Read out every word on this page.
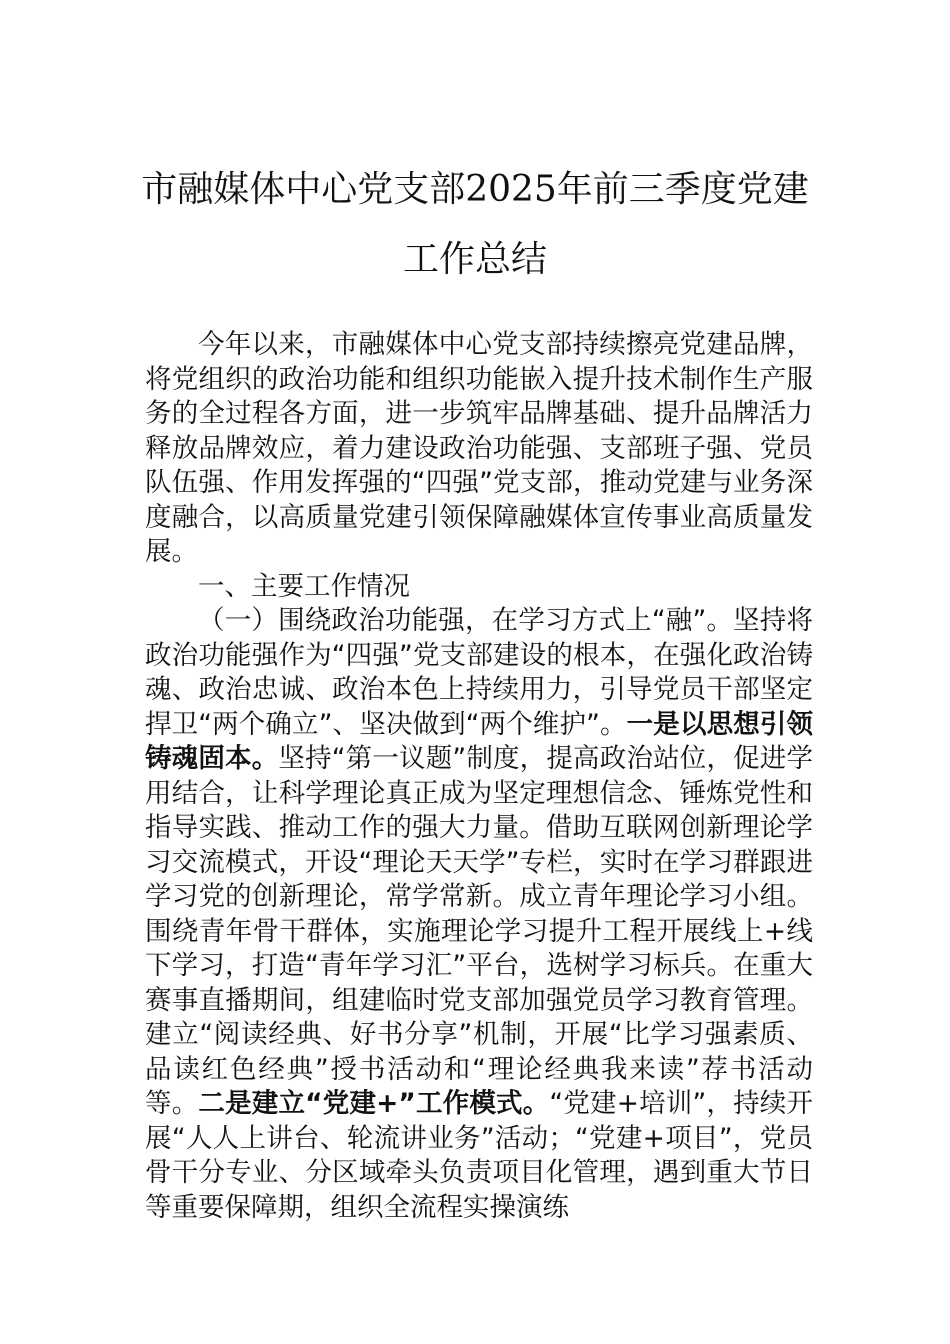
市融媒体中心党支部2025年前三季度党建
工作总结

今年以来，市融媒体中心党支部持续擦亮党建品牌，将党组织的政治功能和组织功能嵌入提升技术制作生产服务的全过程各方面，进一步筑牢品牌基础、提升品牌活力释放品牌效应，着力建设政治功能强、支部班子强、党员队伍强、作用发挥强的“四强”党支部，推动党建与业务深度融合，以高质量党建引领保障融媒体宣传事业高质量发展。

一、主要工作情况

（一）围绕政治功能强，在学习方式上“融”。坚持将政治功能强作为“四强”党支部建设的根本，在强化政治铸魂、政治忠诚、政治本色上持续用力，引导党员干部坚定捍卫“两个确立”、坚决做到“两个维护”。一是以思想引领铸魂固本。坚持“第一议题”制度，提高政治站位，促进学用结合，让科学理论真正成为坚定理想信念、锤炼党性和指导实践、推动工作的强大力量。借助互联网创新理论学习交流模式，开设“理论天天学”专栏，实时在学习群跟进学习党的创新理论，常学常新。成立青年理论学习小组。围绕青年骨干群体，实施理论学习提升工程开展线上+线下学习，打造“青年学习汇”平台，选树学习标兵。在重大赛事直播期间，组建临时党支部加强党员学习教育管理。建立“阅读经典、好书分享”机制，开展“比学习强素质、品读红色经典”授书活动和“理论经典我来读”荐书活动等。二是建立“党建+”工作模式。“党建+培训”，持续开展“人人上讲台、轮流讲业务”活动；“党建+项目”，党员骨干分专业、分区域牵头负责项目化管理，遇到重大节日等重要保障期，组织全流程实操演练
